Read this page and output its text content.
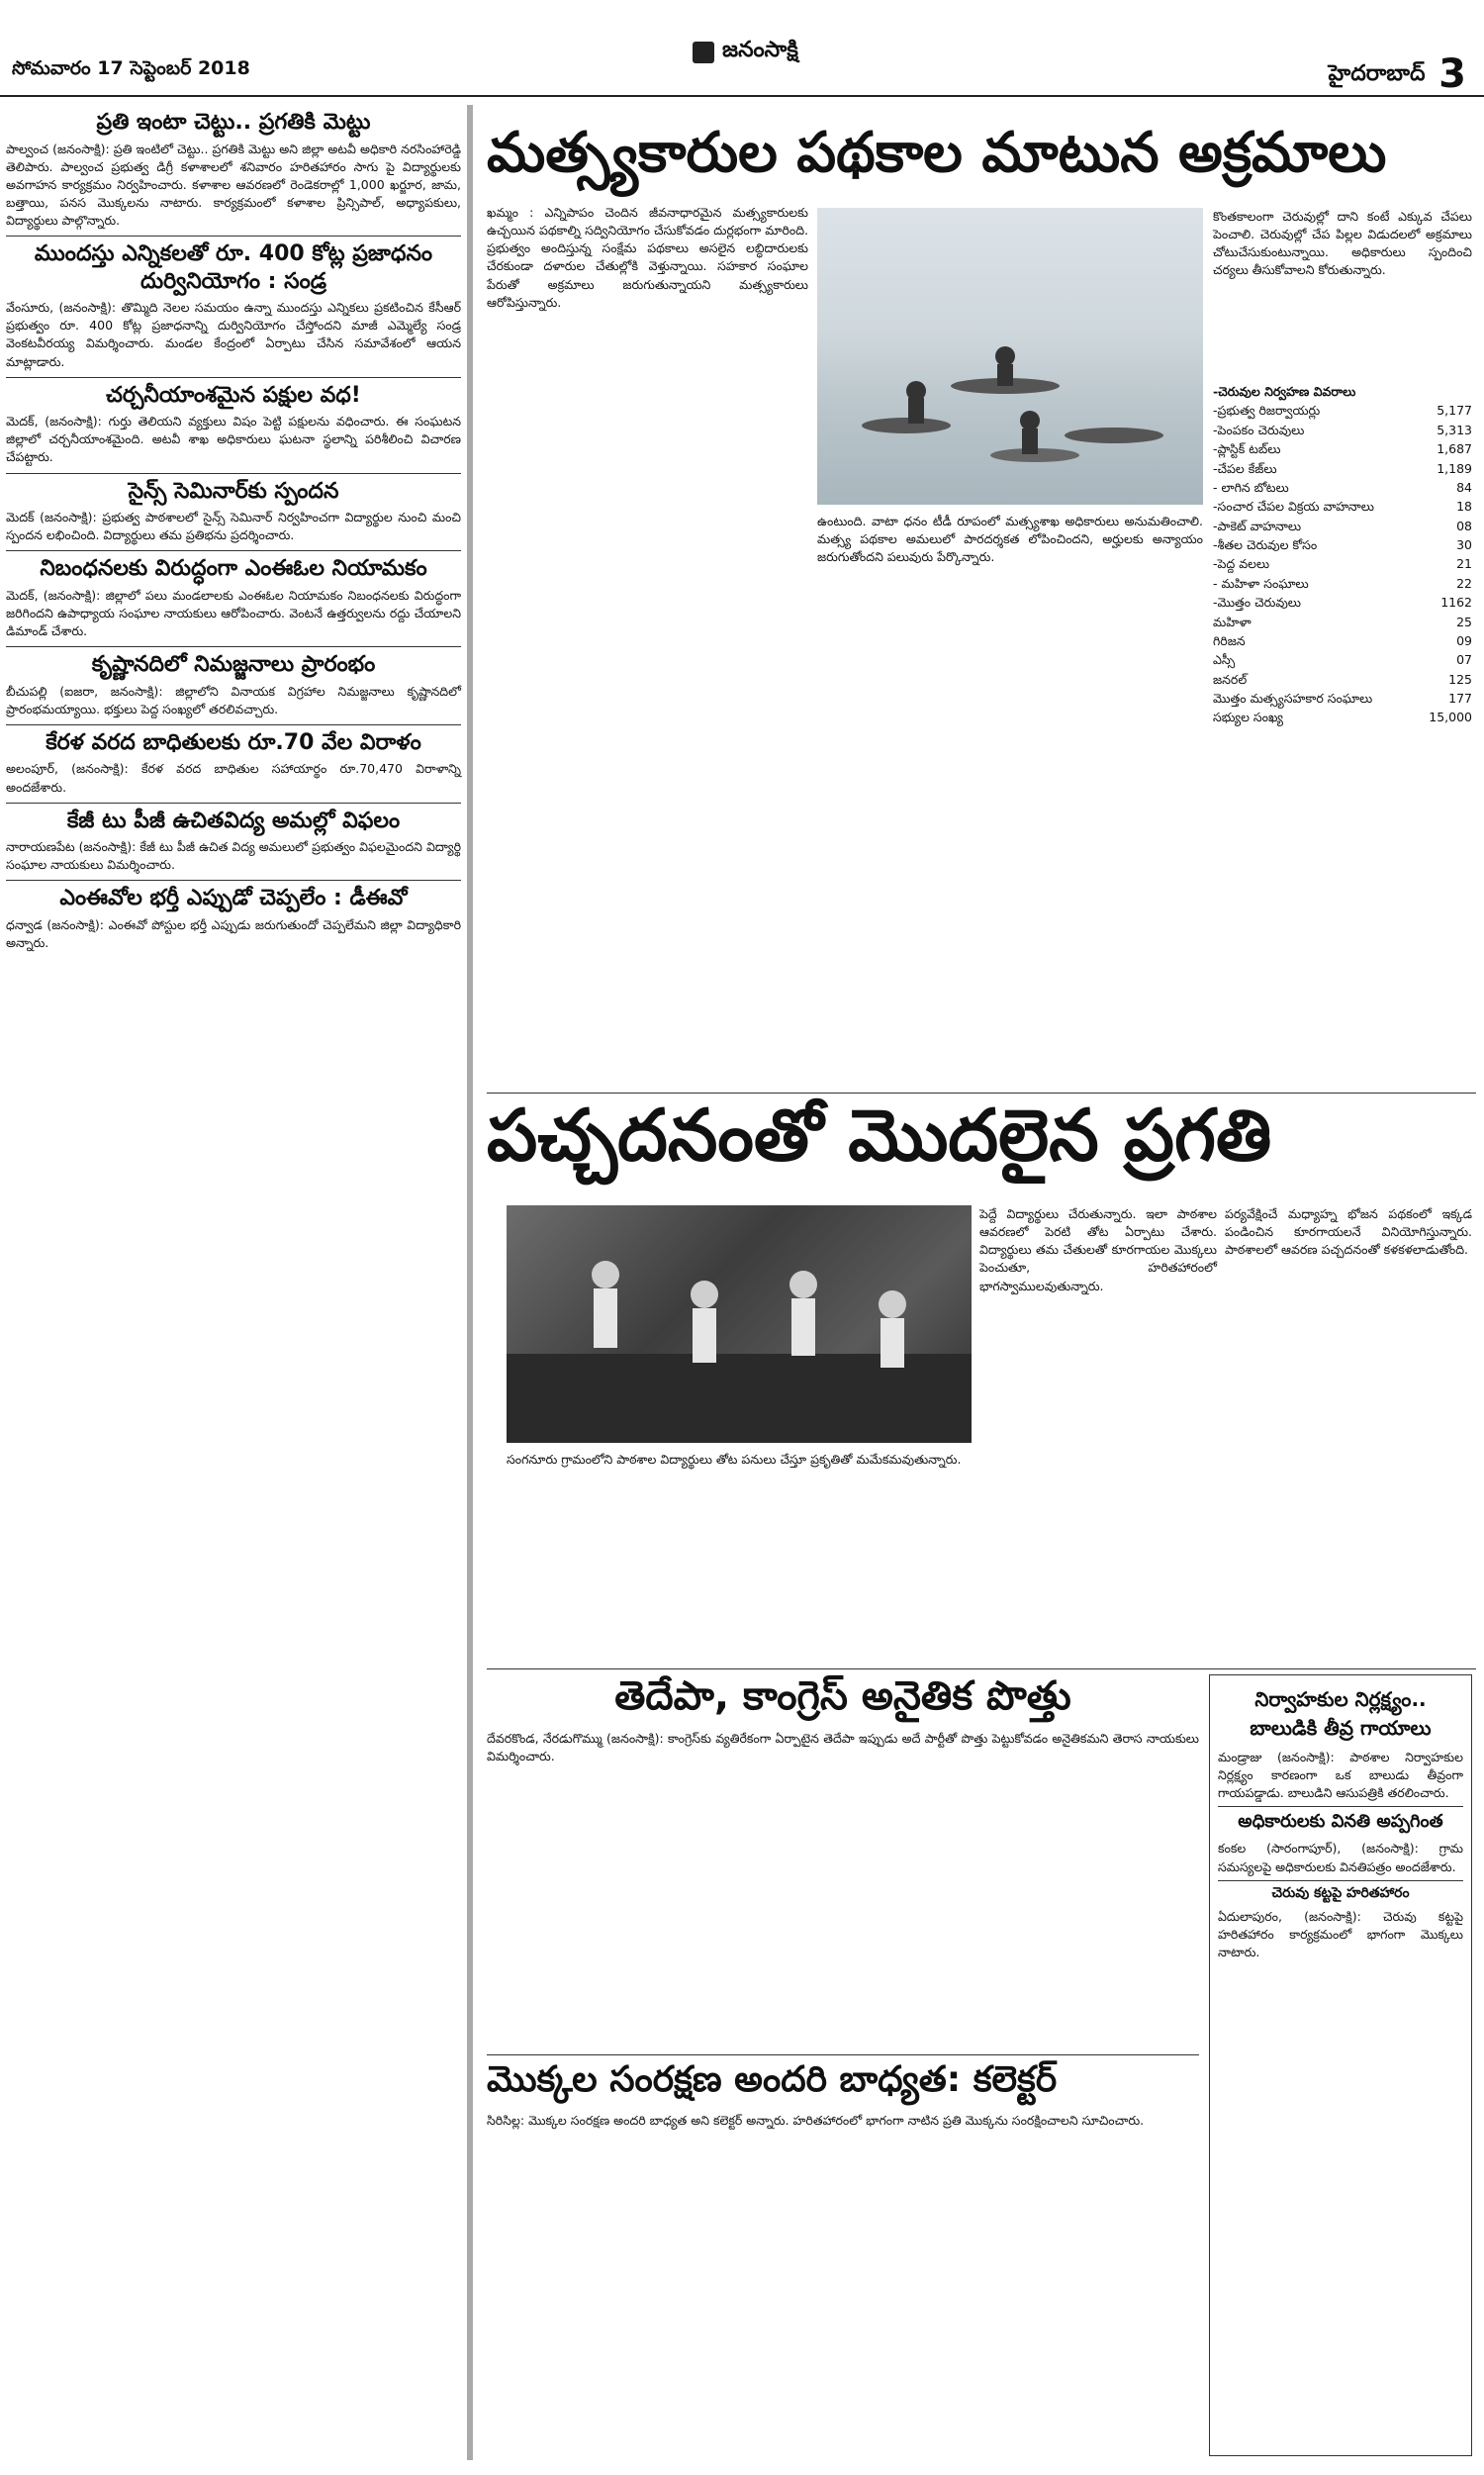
సోమవారం 17 సెప్టెంబర్ 2018
జనంసాక్షి
హైదరాబాద్ 3
ప్రతి ఇంటా చెట్టు.. ప్రగతికి మెట్టు
పాల్వంచ (జనంసాక్షి): ప్రతి ఇంటిలో చెట్టు.. ప్రగతికి మెట్టు అని జిల్లా అటవీ అధికారి నరసింహారెడ్డి తెలిపారు. పాల్వంచ ప్రభుత్వ డిగ్రీ కళాశాలలో శనివారం హరితహారం సాగు పై విద్యార్థులకు అవగాహన కార్యక్రమం నిర్వహించారు. కళాశాల ఆవరణలో రెండెకరాల్లో 1,000 ఖర్జూర, జామ, బత్తాయి, పనస మొక్కలను నాటారు. కార్యక్రమంలో కళాశాల ప్రిన్సిపాల్, అధ్యాపకులు, విద్యార్థులు పాల్గొన్నారు.
ముందస్తు ఎన్నికలతో రూ. 400 కోట్ల ప్రజాధనం దుర్వినియోగం : సండ్ర
వేంసూరు, (జనంసాక్షి): తొమ్మిది నెలల సమయం ఉన్నా ముందస్తు ఎన్నికలు ప్రకటించిన కేసీఆర్ ప్రభుత్వం రూ. 400 కోట్ల ప్రజాధనాన్ని దుర్వినియోగం చేస్తోందని మాజీ ఎమ్మెల్యే సండ్ర వెంకటవీరయ్య విమర్శించారు. మండల కేంద్రంలో ఏర్పాటు చేసిన సమావేశంలో ఆయన మాట్లాడారు.
చర్చనీయాంశమైన పక్షుల వధ!
మెదక్, (జనంసాక్షి): గుర్తు తెలియని వ్యక్తులు విషం పెట్టి పక్షులను వధించారు. ఈ సంఘటన జిల్లాలో చర్చనీయాంశమైంది. అటవీ శాఖ అధికారులు ఘటనా స్థలాన్ని పరిశీలించి విచారణ చేపట్టారు.
సైన్స్ సెమినార్‌కు స్పందన
మెదక్ (జనంసాక్షి): ప్రభుత్వ పాఠశాలలో సైన్స్ సెమినార్ నిర్వహించగా విద్యార్థుల నుంచి మంచి స్పందన లభించింది. విద్యార్థులు తమ ప్రతిభను ప్రదర్శించారు.
నిబంధనలకు విరుద్ధంగా ఎంఈఓల నియామకం
మెదక్, (జనంసాక్షి): జిల్లాలో పలు మండలాలకు ఎంఈఓల నియామకం నిబంధనలకు విరుద్ధంగా జరిగిందని ఉపాధ్యాయ సంఘాల నాయకులు ఆరోపించారు. వెంటనే ఉత్తర్వులను రద్దు చేయాలని డిమాండ్ చేశారు.
కృష్ణానదిలో నిమజ్జనాలు ప్రారంభం
బీచుపల్లి (ఐజరా, జనంసాక్షి): జిల్లాలోని వినాయక విగ్రహాల నిమజ్జనాలు కృష్ణానదిలో ప్రారంభమయ్యాయి. భక్తులు పెద్ద సంఖ్యలో తరలివచ్చారు.
కేరళ వరద బాధితులకు రూ.70 వేల విరాళం
అలంపూర్, (జనంసాక్షి): కేరళ వరద బాధితుల సహాయార్థం రూ.70,470 విరాళాన్ని అందజేశారు.
కేజీ టు పీజీ ఉచితవిద్య అమల్లో విఫలం
నారాయణపేట (జనంసాక్షి): కేజీ టు పీజీ ఉచిత విద్య అమలులో ప్రభుత్వం విఫలమైందని విద్యార్థి సంఘాల నాయకులు విమర్శించారు.
ఎంఈవోల భర్తీ ఎప్పుడో చెప్పలేం : డీఈవో
ధన్వాడ (జనంసాక్షి): ఎంఈవో పోస్టుల భర్తీ ఎప్పుడు జరుగుతుందో చెప్పలేమని జిల్లా విద్యాధికారి అన్నారు.
మత్స్యకారుల పథకాల మాటున అక్రమాలు
ఖమ్మం : ఎన్నిపాపం చెందిన జీవనాధారమైన మత్స్యకారులకు ఉచ్చయిన పథకాల్ని సద్వినియోగం చేసుకోవడం దుర్లభంగా మారింది. ప్రభుత్వం అందిస్తున్న సంక్షేమ పథకాలు అసలైన లబ్ధిదారులకు చేరకుండా దళారుల చేతుల్లోకి వెళ్తున్నాయి. సహకార సంఘాల పేరుతో అక్రమాలు జరుగుతున్నాయని మత్స్యకారులు ఆరోపిస్తున్నారు.
కొంతకాలంగా చెరువుల్లో దాని కంటే ఎక్కువ చేపలు పెంచాలి. చెరువుల్లో చేప పిల్లల విడుదలలో అక్రమాలు చోటుచేసుకుంటున్నాయి. అధికారులు స్పందించి చర్యలు తీసుకోవాలని కోరుతున్నారు.
ఉంటుంది. వాటా ధనం టీడీ రూపంలో మత్స్యశాఖ అధికారులు అనుమతించాలి. మత్స్య పథకాల అమలులో పారదర్శకత లోపించిందని, అర్హులకు అన్యాయం జరుగుతోందని పలువురు పేర్కొన్నారు.
-చెరువుల నిర్వహణ వివరాలు
-ప్రభుత్వ రిజర్వాయర్లు	5,177
-పెంపకం చెరువులు	5,313
-ప్లాస్టిక్ టబ్‌లు	1,687
-చేపల కేజ్‌లు	1,189
- లాగిన బోటలు	84
-సంచార చేపల విక్రయ వాహనాలు	18
-పాకెట్ వాహనాలు	08
-శీతల చెరువుల కోసం	30
-పెద్ద వలలు	21
- మహిళా సంఘాలు	22
-మొత్తం చెరువులు	1162
మహిళా	25
గిరిజన	09
ఎస్సీ	07
జనరల్	125
మొత్తం మత్స్యసహకార సంఘాలు	177
సభ్యుల సంఖ్య	15,000
పచ్చదనంతో మొదలైన ప్రగతి
సంగనూరు గ్రామంలోని పాఠశాల విద్యార్థులు తోట పనులు చేస్తూ ప్రకృతితో మమేకమవుతున్నారు.
పెద్దే విద్యార్థులు చేరుతున్నారు. ఇలా పాఠశాల ఆవరణలో పెరటి తోట ఏర్పాటు చేశారు. విద్యార్థులు తమ చేతులతో కూరగాయల మొక్కలు పెంచుతూ, హరితహారంలో భాగస్వాములవుతున్నారు.
పర్యవేక్షించే మధ్యాహ్న భోజన పథకంలో ఇక్కడ పండించిన కూరగాయలనే వినియోగిస్తున్నారు. పాఠశాలలో ఆవరణ పచ్చదనంతో కళకళలాడుతోంది.
తెదేపా, కాంగ్రెస్ అనైతిక పొత్తు
దేవరకొండ, నేరడుగొమ్ము (జనంసాక్షి): కాంగ్రెస్‌కు వ్యతిరేకంగా ఏర్పాటైన తెదేపా ఇప్పుడు అదే పార్టీతో పొత్తు పెట్టుకోవడం అనైతికమని తెరాస నాయకులు విమర్శించారు.
మొక్కల సంరక్షణ అందరి బాధ్యత: కలెక్టర్
సిరిసిల్ల: మొక్కల సంరక్షణ అందరి బాధ్యత అని కలెక్టర్ అన్నారు. హరితహారంలో భాగంగా నాటిన ప్రతి మొక్కను సంరక్షించాలని సూచించారు.
నిర్వాహకుల నిర్లక్ష్యం.. బాలుడికి తీవ్ర గాయాలు
మండ్రాజు (జనంసాక్షి): పాఠశాల నిర్వాహకుల నిర్లక్ష్యం కారణంగా ఒక బాలుడు తీవ్రంగా గాయపడ్డాడు. బాలుడిని ఆసుపత్రికి తరలించారు.
అధికారులకు వినతి అప్పగింత
కంకల (సారంగాపూర్), (జనంసాక్షి): గ్రామ సమస్యలపై అధికారులకు వినతిపత్రం అందజేశారు.
చెరువు కట్టపై హరితహారం
ఏదులాపురం, (జనంసాక్షి): చెరువు కట్టపై హరితహారం కార్యక్రమంలో భాగంగా మొక్కలు నాటారు.
